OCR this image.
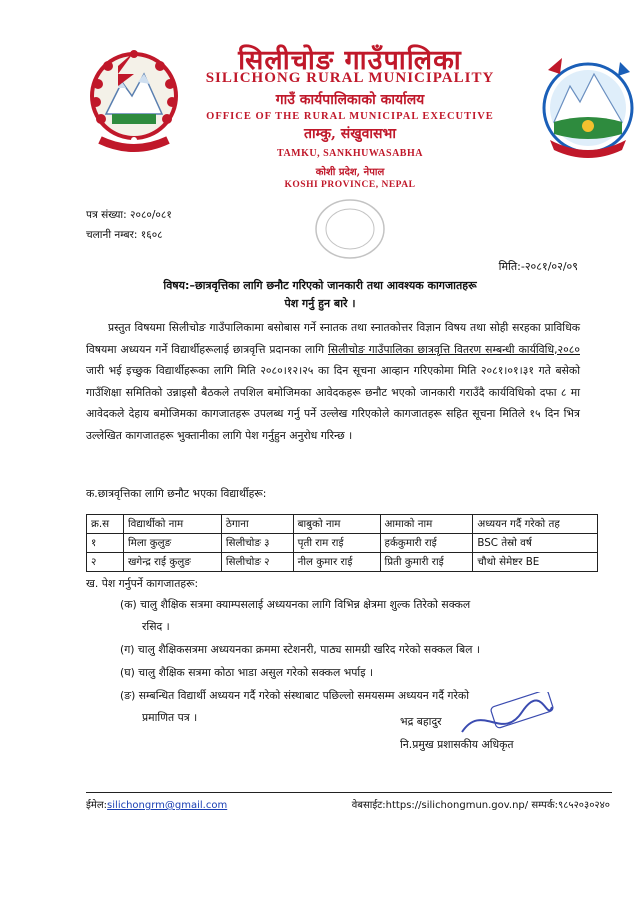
सिलीचोङ गाउँपालिका
SILICHONG RURAL MUNICIPALITY
गाउँ कार्यपालिकाको कार्यालय
OFFICE OF THE RURAL MUNICIPAL EXECUTIVE
ताम्कु, संखुवासभा
TAMKU, SANKHUWASABHA
कोशी प्रदेश, नेपाल
KOSHI PROVINCE, NEPAL
पत्र संख्या: २०८०/०८१
चलानी नम्बर: १६०८
मिति:-२०८१/०२/०९
विषय:–छात्रवृत्तिका लागि छनौट गरिएको जानकारी तथा आवश्यक कागजातहरू
पेश गर्नु हुन बारे ।
प्रस्तुत विषयमा सिलीचोङ गाउँपालिकामा बसोबास गर्ने स्नातक तथा स्नातकोत्तर विज्ञान विषय तथा सोही सरहका प्राविधिक विषयमा अध्ययन गर्ने विद्यार्थीहरूलाई छात्रवृत्ति प्रदानका लागि सिलीचोङ गाउँपालिका छात्रवृत्ति वितरण सम्बन्धी कार्यविधि,२०८० जारी भई इच्छुक विद्यार्थीहरूका लागि मिति २०८०।१२।२५ का दिन सूचना आव्हान गरिएकोमा मिति २०८१।०१।३१ गते बसेको गाउँशिक्षा समितिको उन्नाइसौ बैठकले तपशिल बमोजिमका आवेदकहरू छनौट भएको जानकारी गराउँदै कार्यविधिको दफा ८ मा आवेदकले देहाय बमोजिमका कागजातहरू उपलब्ध गर्नु पर्ने उल्लेख गरिएकोले कागजातहरू सहित सूचना मितिले १५ दिन भित्र उल्लेखित कागजातहरू भुक्तानीका लागि पेश गर्नुहुन अनुरोध गरिन्छ ।
क.छात्रवृत्तिका लागि छनौट भएका विद्यार्थीहरू:
क्र.स	विद्यार्थीको नाम	ठेगाना	बाबुको नाम	आमाको नाम	अध्ययन गर्दै गरेको तह
१	मिला कुलुङ	सिलीचोङ ३	पृती राम राई	हर्ककुमारी राई	BSC तेस्रो वर्ष
२	खगेन्द्र राई कुलुङ	सिलीचोङ २	नील कुमार राई	प्रिती कुमारी राई	चौथो सेमेष्टर BE
ख. पेश गर्नुपर्ने कागजातहरू:
(क) चालु शैक्षिक सत्रमा क्याम्पसलाई अध्ययनका लागि विभिन्न क्षेत्रमा शुल्क तिरेको सक्कल
रसिद ।
(ग) चालु शैक्षिकसत्रमा अध्ययनका क्रममा स्टेशनरी, पाठ्य सामग्री खरिद गरेको सक्कल बिल ।
(घ) चालु शैक्षिक सत्रमा कोठा भाडा असुल गरेको सक्कल भर्पाइ ।
(ङ) सम्बन्धित विद्यार्थी अध्ययन गर्दै गरेको संस्थाबाट पछिल्लो समयसम्म अध्ययन गर्दै गरेको
प्रमाणित पत्र ।	भद्र बहादुर
नि.प्रमुख प्रशासकीय अधिकृत
ईमेल:silichongrm@gmail.com	वेबसाईट:https://silichongmun.gov.np/ सम्पर्क:९८५२०३०२४०
